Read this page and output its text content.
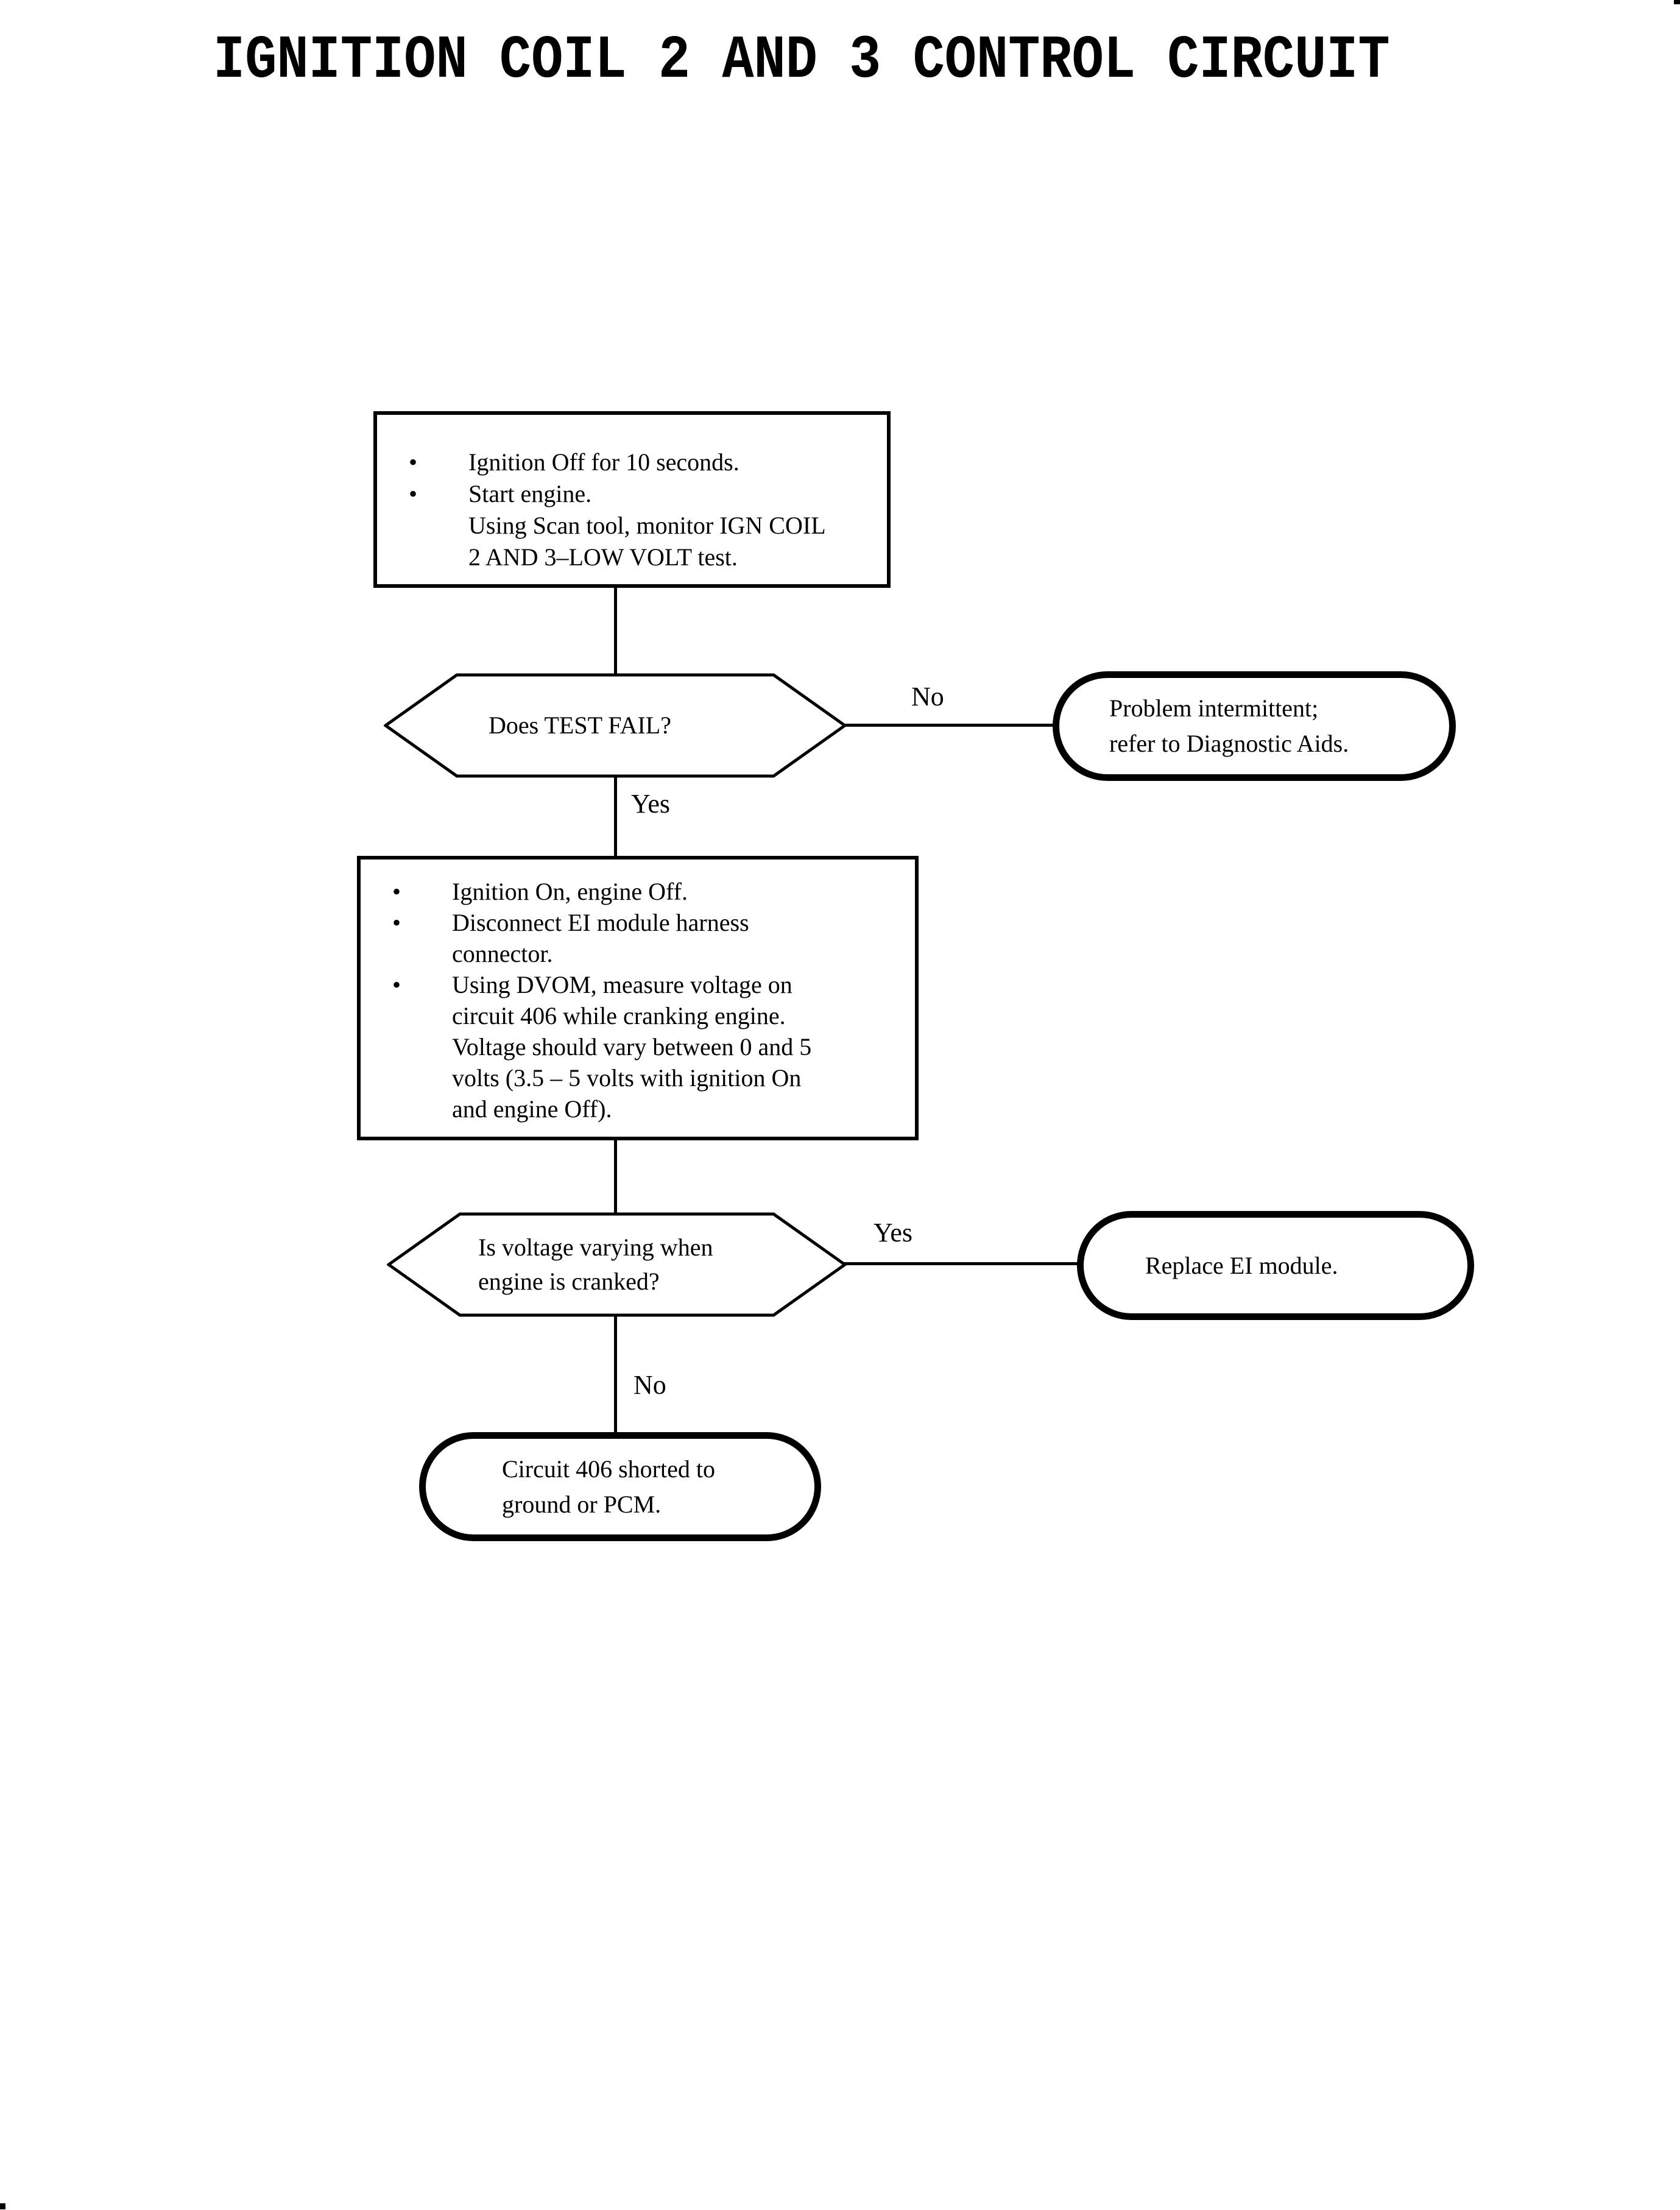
IGNITION COIL 2 AND 3 CONTROL CIRCUIT
•	Ignition Off for 10 seconds.
•	Start engine.
Using Scan tool, monitor IGN COIL
2 AND 3–LOW VOLT test.
Does TEST FAIL?
No	Problem intermittent;
refer to Diagnostic Aids.
Yes
•	Ignition On, engine Off.
•	Disconnect EI module harness
connector.
•	Using DVOM, measure voltage on
circuit 406 while cranking engine.
Voltage should vary between 0 and 5
volts (3.5 – 5 volts with ignition On
and engine Off).
Is voltage varying when
engine is cranked?
Yes
Replace EI module.
No
Circuit 406 shorted to
ground or PCM.
